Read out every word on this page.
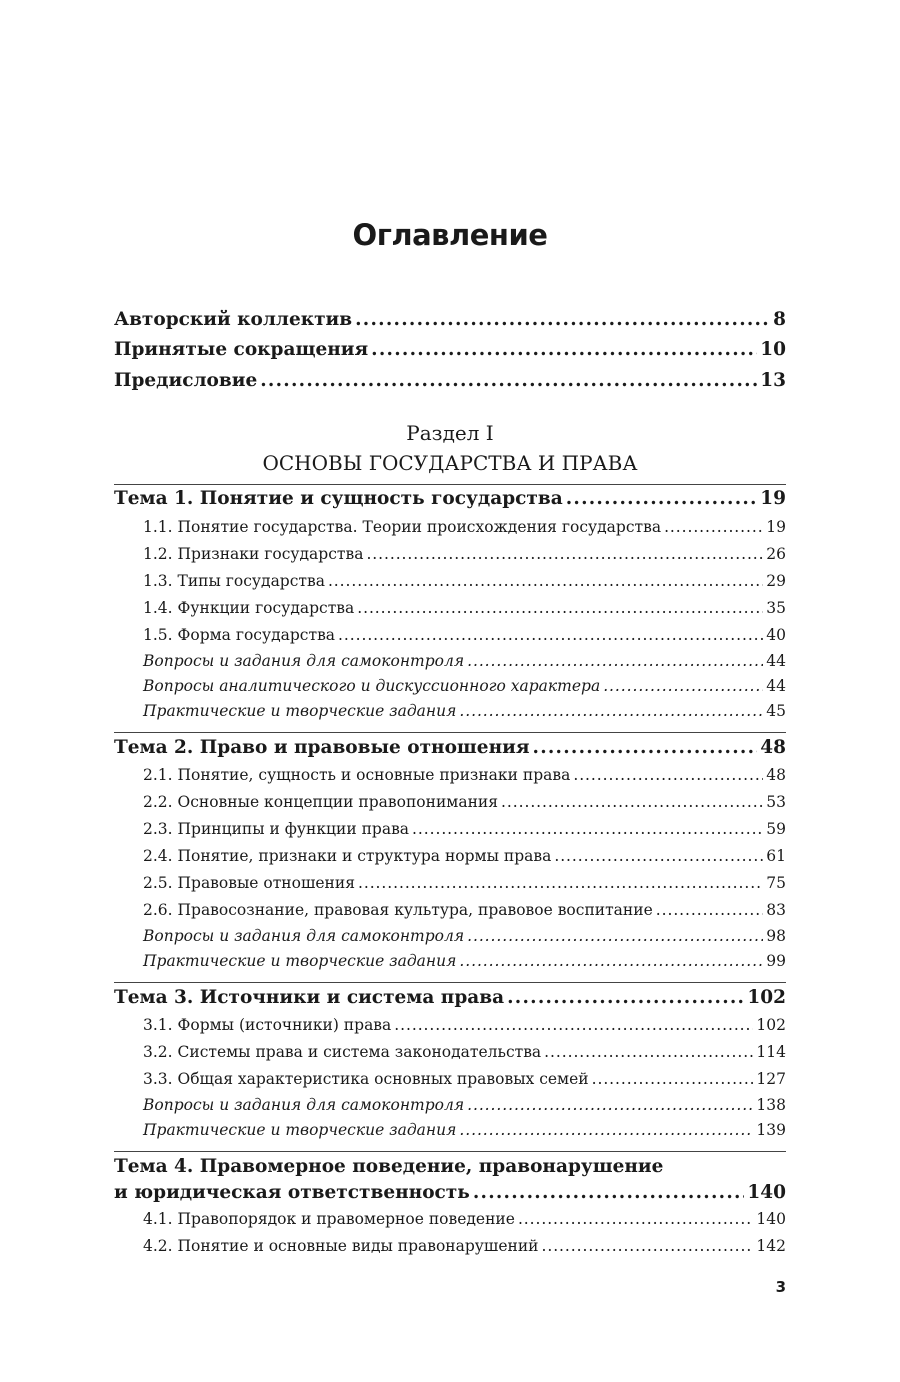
Оглавление
Авторский коллектив . . .	8
Принятые сокращения . . .	10
Предисловие . . .	13
Раздел I
ОСНОВЫ ГОСУДАРСТВА И ПРАВА
Тема 1. Понятие и сущность государства . . .	19
1.1. Понятие государства. Теории происхождения государства . . .	19
1.2. Признаки государства . . .	26
1.3. Типы государства . . .	29
1.4. Функции государства . . .	35
1.5. Форма государства . . .	40
Вопросы и задания для самоконтроля . . .	44
Вопросы аналитического и дискуссионного характера . . .	44
Практические и творческие задания . . .	45
Тема 2. Право и правовые отношения . . .	48
2.1. Понятие, сущность и основные признаки права . . .	48
2.2. Основные концепции правопонимания . . .	53
2.3. Принципы и функции права . . .	59
2.4. Понятие, признаки и структура нормы права . . .	61
2.5. Правовые отношения . . .	75
2.6. Правосознание, правовая культура, правовое воспитание . . .	83
Вопросы и задания для самоконтроля . . .	98
Практические и творческие задания . . .	99
Тема 3. Источники и система права . . .	102
3.1. Формы (источники) права . . .	102
3.2. Системы права и система законодательства . . .	114
3.3. Общая характеристика основных правовых семей . . .	127
Вопросы и задания для самоконтроля . . .	138
Практические и творческие задания . . .	139
Тема 4. Правомерное поведение, правонарушение
и юридическая ответственность . . .	140
4.1. Правопорядок и правомерное поведение . . .	140
4.2. Понятие и основные виды правонарушений . . .	142
3
